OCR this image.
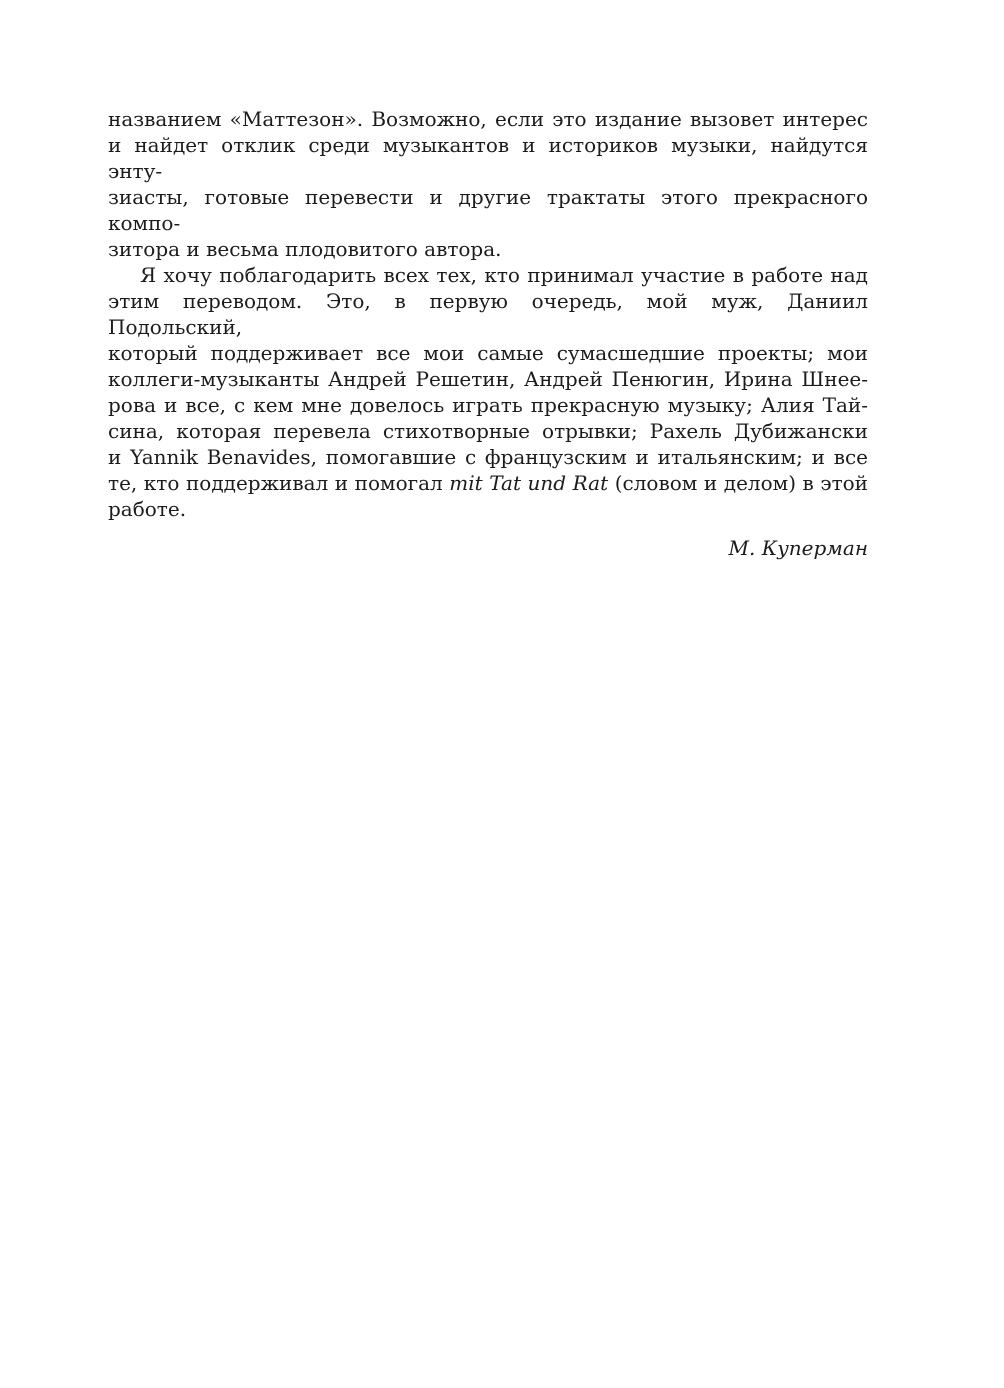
названием «Маттезон». Возможно, если это издание вызовет интерес
и найдет отклик среди музыкантов и историков музыки, найдутся энту-
зиасты, готовые перевести и другие трактаты этого прекрасного компо-
зитора и весьма плодовитого автора.

Я хочу поблагодарить всех тех, кто принимал участие в работе над
этим переводом. Это, в первую очередь, мой муж, Даниил Подольский,
который поддерживает все мои самые сумасшедшие проекты; мои
коллеги-музыканты Андрей Решетин, Андрей Пенюгин, Ирина Шнее-
рова и все, с кем мне довелось играть прекрасную музыку; Алия Тай-
сина, которая перевела стихотворные отрывки; Рахель Дубижански
и Yannik Benavides, помогавшие с французским и итальянским; и все
те, кто поддерживал и помогал mit Tat und Rat (словом и делом) в этой
работе.

М. Куперман
